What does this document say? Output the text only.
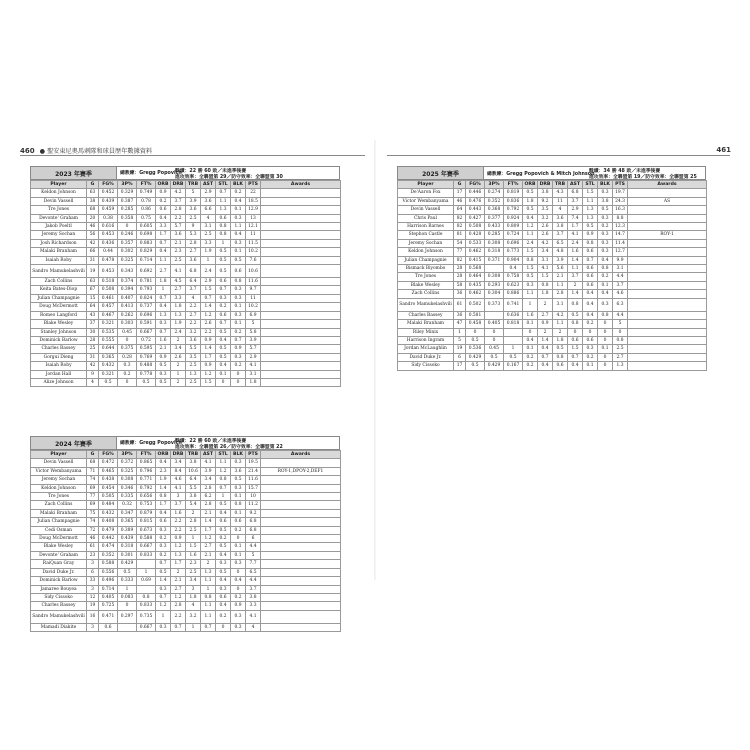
460 ● 聖安東尼奧馬刺隊和球員歷年數據資料	461
2023 年賽季	總教練：Gregg Popovich
戰績：22 勝 60 敗／未進季後賽
進攻效率：全聯盟第 29／防守效率：全聯盟第 30
Player	G	FG%	3P%	FT%	ORB	DRB	TRB	AST	STL	BLK	PTS	Awards
Keldon Johnson	63	0.452	0.329	0.749	0.9	4.2	5	2.9	0.7	0.2	22	
Devin Vassell	38	0.439	0.387	0.78	0.2	3.7	3.9	3.6	1.1	0.4	18.5	
Tre Jones	68	0.459	0.285	0.86	0.6	2.8	3.6	6.6	1.3	0.1	12.9	
Devonte' Graham	20	0.38	0.358	0.75	0.4	2.2	2.5	4	0.6	0.3	13	
Jakob Poeltl	46	0.616	0	0.605	3.3	5.7	9	3.1	0.8	1.1	12.1	
Jeremy Sochan	56	0.453	0.246	0.698	1.7	3.6	5.3	2.5	0.8	0.4	11	
Josh Richardson	42	0.436	0.357	0.883	0.7	2.1	2.8	3.3	1	0.3	11.5	
Malaki Branham	66	0.44	0.302	0.829	0.4	2.3	2.7	1.9	0.5	0.1	10.2	
Isaiah Roby	31	0.478	0.325	0.714	1.1	2.5	3.6	1	0.5	0.5	7.6	
Sandro Mamukelashvili	19	0.453	0.343	0.692	2.7	4.1	6.8	2.4	0.5	0.6	10.6	
Zach Collins	63	0.518	0.374	0.781	1.8	4.5	6.4	2.9	0.6	0.8	11.6	
Keita Bates-Diop	67	0.508	0.394	0.793	1	2.7	3.7	1.5	0.7	0.3	9.7	
Julian Champagnie	15	0.461	0.407	0.824	0.7	3.3	4	0.7	0.3	0.3	11	
Doug McDermott	64	0.457	0.413	0.737	0.4	1.8	2.2	1.4	0.2	0.1	10.2	
Romeo Langford	43	0.467	0.262	0.696	1.3	1.3	2.7	1.2	0.6	0.3	6.9	
Blake Wesley	37	0.321	0.303	0.591	0.3	1.9	2.2	2.6	0.7	0.1	5	
Stanley Johnson	30	0.535	0.45	0.667	0.7	2.4	3.2	2.2	0.5	0.2	5.8	
Dominick Barlow	28	0.555	0	0.72	1.6	2	3.6	0.9	0.4	0.7	3.9	
Charles Bassey	25	0.644	0.375	0.595	2.1	3.4	5.5	1.4	0.5	0.9	5.7	
Gorgui Dieng	31	0.365	0.28	0.769	0.9	2.6	3.5	1.7	0.5	0.3	2.9	
Isaiah Roby	42	0.432	0.3	0.488	0.5	2	2.5	0.9	0.4	0.2	4.1	
Jordan Hall	9	0.321	0.2	0.778	0.3	1	1.3	1.2	0.1	0	3.1	
Alize Johnson	4	0.5	0	0.5	0.5	2	2.5	1.5	0	0	1.8	
2024 年賽季	總教練：Gregg Popovich
戰績：22 勝 60 敗／未進季後賽
進攻效率：全聯盟第 26／防守效率：全聯盟第 22
Player	G	FG%	3P%	FT%	ORB	DRB	TRB	AST	STL	BLK	PTS	Awards
Devin Vassell	68	0.472	0.372	0.865	0.4	3.4	3.8	4.1	1.1	0.3	19.5	
Victor Wembanyama	71	0.465	0.325	0.796	2.3	8.4	10.6	3.9	1.2	3.6	21.4	ROY-1,DPOY-2,DEF1
Jeremy Sochan	74	0.438	0.308	0.771	1.9	4.6	6.4	3.4	0.8	0.5	11.6	
Keldon Johnson	69	0.454	0.346	0.792	1.4	4.1	5.5	2.8	0.7	0.3	15.7	
Tre Jones	77	0.505	0.335	0.656	0.8	3	3.8	6.2	1	0.1	10	
Zach Collins	69	0.484	0.32	0.753	1.7	3.7	5.4	2.8	0.5	0.8	11.2	
Malaki Branham	75	0.432	0.347	0.879	0.4	1.6	2	2.1	0.4	0.1	9.2	
Julian Champagnie	74	0.408	0.365	0.815	0.6	2.2	2.8	1.4	0.6	0.6	6.8	
Cedi Osman	72	0.479	0.389	0.673	0.3	2.2	2.5	1.7	0.5	0.2	6.8	
Doug McDermott	46	0.442	0.439	0.588	0.2	0.9	1	1.2	0.2	0	6	
Blake Wesley	61	0.474	0.318	0.667	0.3	1.2	1.5	2.7	0.5	0.1	4.4	
Devonte' Graham	23	0.352	0.301	0.833	0.2	1.3	1.6	2.1	0.4	0.1	5	
RaiQuan Gray	3	0.588	0.429		0.7	1.7	2.3	2	0.3	0.3	7.7	
David Duke Jr.	6	0.556	0.5	1	0.5	2	2.5	1.3	0.5	0	6.5	
Dominick Barlow	33	0.496	0.333	0.69	1.4	2.1	3.4	1.1	0.4	0.4	4.4	
Jamaree Bouyea	3	0.714	1		0.3	2.7	3	1	0.3	0	3.7	
Sidy Cissoko	12	0.405	0.083	0.8	0.7	1.2	1.8	0.8	0.6	0.2	3.8	
Charles Bassey	19	0.725	0	0.833	1.2	2.8	4	1.1	0.4	0.9	3.3	
Sandro Mamukelashvili	16	0.471	0.297	0.735	1	2.2	3.2	1.1	0.2	0.3	4.1	
Mamadi Diakite	3	0.6		0.667	0.3	0.7	1	0.7	0	0.3	4	
2025 年賽季	總教練：Gregg Popovich & Mitch Johnson
戰績：34 勝 48 敗／未進季後賽
進攻效率：全聯盟第 19／防守效率：全聯盟第 25
Player	G	FG%	3P%	FT%	ORB	DRB	TRB	AST	STL	BLK	PTS	Awards
De'Aaron Fox	17	0.446	0.274	0.819	0.5	3.8	4.3	6.8	1.5	0.3	19.7	
Victor Wembanyama	46	0.476	0.352	0.836	1.8	9.2	11	3.7	1.1	3.8	24.3	AS
Devin Vassell	64	0.443	0.368	0.792	0.5	3.5	4	2.9	1.3	0.5	16.3	
Chris Paul	82	0.427	0.377	0.924	0.4	3.2	3.6	7.4	1.3	0.3	8.8	
Harrison Barnes	82	0.508	0.433	0.809	1.2	2.6	3.8	1.7	0.5	0.2	12.3	
Stephon Castle	81	0.428	0.285	0.724	1.1	2.6	3.7	4.1	0.9	0.3	14.7	ROY-1
Jeremy Sochan	54	0.533	0.308	0.696	2.4	4.2	6.5	2.4	0.8	0.3	11.4	
Keldon Johnson	77	0.462	0.318	0.773	1.5	3.4	4.8	1.6	0.6	0.3	12.7	
Julian Champagnie	82	0.415	0.371	0.904	0.8	3.1	3.9	1.4	0.7	0.4	9.9	
Bismack Biyombo	28	0.568		0.4	1.5	4.1	5.6	1.1	0.6	0.8	3.1	
Tre Jones	28	0.464	0.308	0.758	0.5	1.5	2.1	3.7	0.6	0.2	4.4	
Blake Wesley	58	0.435	0.293	0.623	0.3	0.8	1.1	2	0.6	0.1	3.7	
Zach Collins	36	0.462	0.304	0.886	1.1	1.8	2.8	1.4	0.4	0.4	4.6	
Sandro Mamukelashvili	61	0.502	0.373	0.741	1	2	3.1	0.8	0.4	0.3	6.3	
Charles Bassey	36	0.581		0.636	1.6	2.7	4.2	0.5	0.4	0.8	4.4	
Malaki Branham	47	0.458	0.405	0.818	0.1	0.9	1.1	0.8	0.2	0	5	
Riley Minix	1	0	0		0	2	2	0	0	0	0	
Harrison Ingram	5	0.5	0		0.4	1.4	1.8	0.6	0.6	0	0.8	
Jordan McLaughlin	19	0.536	0.45	1	0.1	0.4	0.5	1.5	0.3	0.1	2.5	
David Duke Jr.	6	0.429	0.5	0.5	0.2	0.7	0.8	0.7	0.2	0	2.7	
Sidy Cissoko	17	0.5	0.429	0.167	0.2	0.4	0.6	0.4	0.1	0	1.3	
